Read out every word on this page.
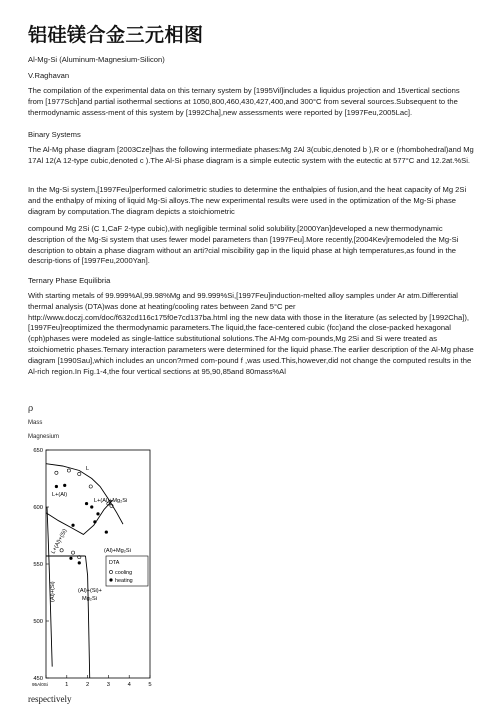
铝硅镁合金三元相图

Al-Mg-Si (Aluminum-Magnesium-Silicon)

V.Raghavan

The compilation of the experimental data on this ternary system by [1995Vil]includes a liquidus projection and 15vertical sections from [1977Sch]and partial isothermal sections at 1050,800,460,430,427,400,and 300°C from several sources.Subsequent to the thermodynamic assess-ment of this system by [1992Cha],new assessments were reported by [1997Feu,2005Lac].

Binary Systems

The Al-Mg phase diagram [2003Cze]has the following intermediate phases:Mg 2Al 3(cubic,denoted b ),R or e (rhombohedral)and Mg 17Al 12(A 12-type cubic,denoted c ).The Al-Si phase diagram is a simple eutectic system with the eutectic at 577°C and 12.2at.%Si.

In the Mg-Si system,[1997Feu]performed calorimetric studies to determine the enthalpies of fusion,and the heat capacity of Mg 2Si and the enthalpy of mixing of liquid Mg-Si alloys.The new experimental results were used in the optimization of the Mg-Si phase diagram by computation.The diagram depicts a stoichiometric

compound Mg 2Si (C 1,CaF 2-type cubic),with negligible terminal solid solubility.[2000Yan]developed a new thermodynamic description of the Mg-Si system that uses fewer model parameters than [1997Feu].More recently,[2004Kev]remodeled the Mg-Si description to obtain a phase diagram without an arti?cial miscibility gap in the liquid phase at high temperatures,as found in the descrip-tions of [1997Feu,2000Yan].

Ternary Phase Equilibria

With starting metals of 99.999%Al,99.98%Mg and 99.999%Si,[1997Feu]induction-melted alloy samples under Ar atm.Differential thermal analysis (DTA)was done at heating/cooling rates between 2and 5°C per http://www.doczj.com/doc/f632cd116c175f0e7cd137ba.html ing the new data with those in the literature (as selected by [1992Cha]),[1997Feu]reoptimized the thermodynamic parameters.The liquid,the face-centered cubic (fcc)and the close-packed hexagonal (cph)phases were modeled as single-lattice substitutional solutions.The Al-Mg com-pounds,Mg 2Si and Si were treated as stoichiometric phases.Ternary interaction parameters were determined for the liquid phase.The earlier description of the Al-Mg phase diagram [1990Sau],which includes an uncon?rmed com-pound f ,was used.This,however,did not change the computed results in the Al-rich region.In Fig.1-4,the four vertical sections at 95,90,85and 80mass%Al

ρ
Mass
Magnesium
650
600
550
500
450
95Al0Si	1	2	3	4	5
L
L+(Al)
L+(Al)+Mg₂Si
L+(Al)+(Si)	(Al)+Mg₂Si
(Al)+(Si)	(Al)+(Si)+
Mg₂Si
DTA
cooling
heating
respectively
